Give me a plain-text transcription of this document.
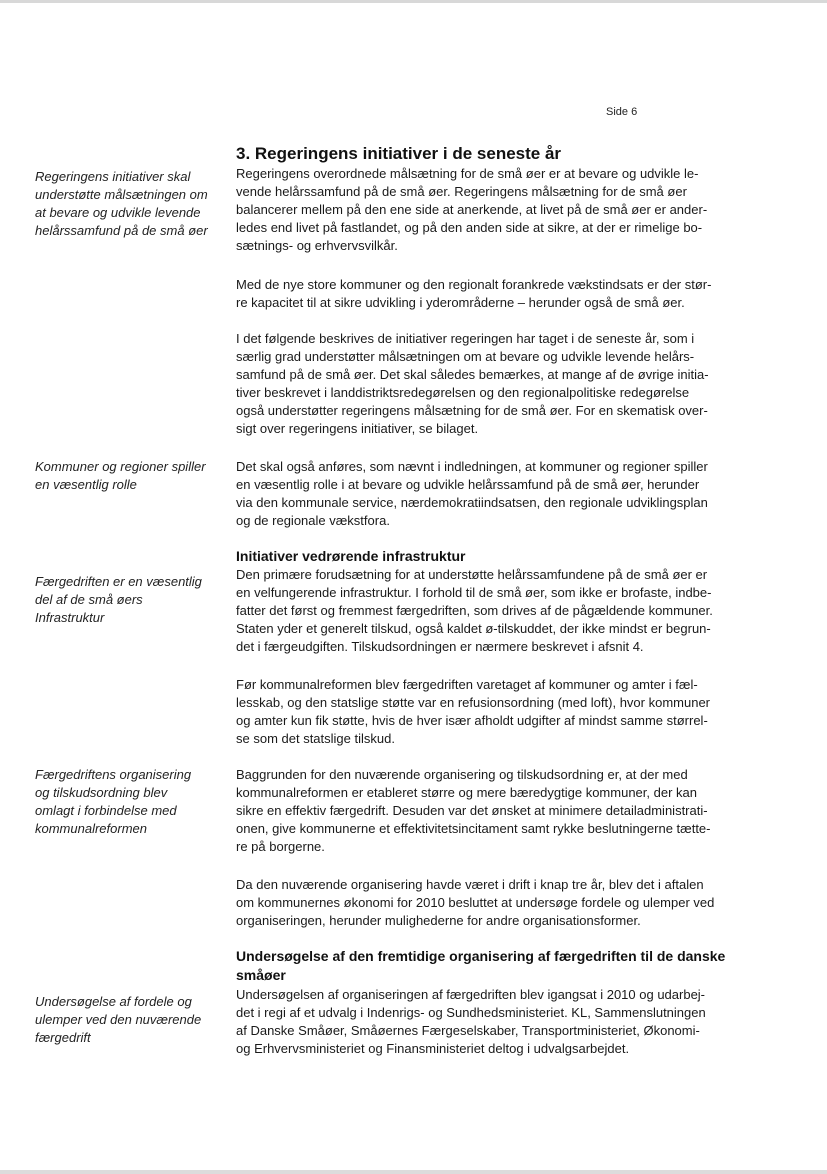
Side 6
3. Regeringens initiativer i de seneste år
Regeringens initiativer skal
understøtte målsætningen om
at bevare og udvikle levende
helårssamfund på de små øer
Kommuner og regioner spiller
en væsentlig rolle
Færgedriften er en væsentlig
del af de små øers
Infrastruktur
Færgedriftens organisering
og tilskudsordning blev
omlagt i forbindelse med
kommunalreformen
Undersøgelse af fordele og
ulemper ved den nuværende
færgedrift
Regeringens overordnede målsætning for de små øer er at bevare og udvikle le-
vende helårssamfund på de små øer. Regeringens målsætning for de små øer
balancerer mellem på den ene side at anerkende, at livet på de små øer er ander-
ledes end livet på fastlandet, og på den anden side at sikre, at der er rimelige bo-
sætnings- og erhvervsvilkår.
Med de nye store kommuner og den regionalt forankrede vækstindsats er der stør-
re kapacitet til at sikre udvikling i yderområderne – herunder også de små øer.
I det følgende beskrives de initiativer regeringen har taget i de seneste år, som i
særlig grad understøtter målsætningen om at bevare og udvikle levende helårs-
samfund på de små øer. Det skal således bemærkes, at mange af de øvrige initia-
tiver beskrevet i landdistriktsredegørelsen og den regionalpolitiske redegørelse
også understøtter regeringens målsætning for de små øer. For en skematisk over-
sigt over regeringens initiativer, se bilaget.
Det skal også anføres, som nævnt i indledningen, at kommuner og regioner spiller
en væsentlig rolle i at bevare og udvikle helårssamfund på de små øer, herunder
via den kommunale service, nærdemokratiindsatsen, den regionale udviklingsplan
og de regionale vækstfora.
Initiativer vedrørende infrastruktur
Den primære forudsætning for at understøtte helårssamfundene på de små øer er
en velfungerende infrastruktur. I forhold til de små øer, som ikke er brofaste, indbe-
fatter det først og fremmest færgedriften, som drives af de pågældende kommuner.
Staten yder et generelt tilskud, også kaldet ø-tilskuddet, der ikke mindst er begrun-
det i færgeudgiften. Tilskudsordningen er nærmere beskrevet i afsnit 4.
Før kommunalreformen blev færgedriften varetaget af kommuner og amter i fæl-
lesskab, og den statslige støtte var en refusionsordning (med loft), hvor kommuner
og amter kun fik støtte, hvis de hver især afholdt udgifter af mindst samme størrel-
se som det statslige tilskud.
Baggrunden for den nuværende organisering og tilskudsordning er, at der med
kommunalreformen er etableret større og mere bæredygtige kommuner, der kan
sikre en effektiv færgedrift. Desuden var det ønsket at minimere detailadministrati-
onen, give kommunerne et effektivitetsincitament samt rykke beslutningerne tætte-
re på borgerne.
Da den nuværende organisering havde været i drift i knap tre år, blev det i aftalen
om kommunernes økonomi for 2010 besluttet at undersøge fordele og ulemper ved
organiseringen, herunder mulighederne for andre organisationsformer.
Undersøgelse af den fremtidige organisering af færgedriften til de danske
småøer
Undersøgelsen af organiseringen af færgedriften blev igangsat i 2010 og udarbej-
det i regi af et udvalg i Indenrigs- og Sundhedsministeriet. KL, Sammenslutningen
af Danske Småøer, Småøernes Færgeselskaber, Transportministeriet, Økonomi-
og Erhvervsministeriet og Finansministeriet deltog i udvalgsarbejdet.
